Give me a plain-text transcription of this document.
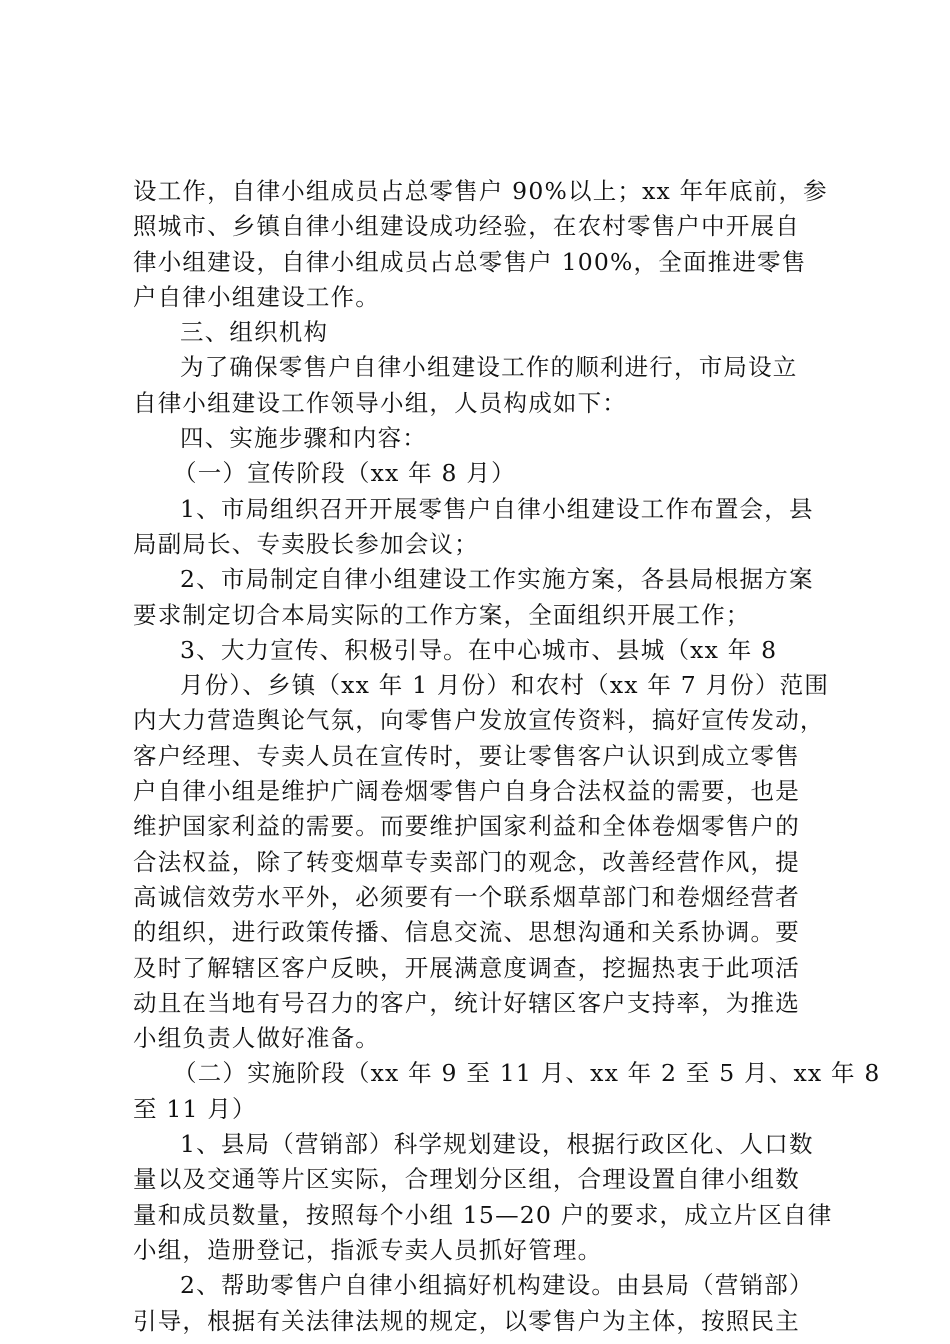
设工作，自律小组成员占总零售户 90%以上；xx 年年底前，参
照城市、乡镇自律小组建设成功经验，在农村零售户中开展自
律小组建设，自律小组成员占总零售户 100%，全面推进零售
户自律小组建设工作。
三、组织机构
为了确保零售户自律小组建设工作的顺利进行，市局设立
自律小组建设工作领导小组，人员构成如下：
四、实施步骤和内容：
（一）宣传阶段（xx 年 8 月）
1、市局组织召开开展零售户自律小组建设工作布置会，县
局副局长、专卖股长参加会议；
2、市局制定自律小组建设工作实施方案，各县局根据方案
要求制定切合本局实际的工作方案，全面组织开展工作；
3、大力宣传、积极引导。在中心城市、县城（xx 年 8
月份）、乡镇（xx 年 1 月份）和农村（xx 年 7 月份）范围
内大力营造舆论气氛，向零售户发放宣传资料，搞好宣传发动，
客户经理、专卖人员在宣传时，要让零售客户认识到成立零售
户自律小组是维护广阔卷烟零售户自身合法权益的需要，也是
维护国家利益的需要。而要维护国家利益和全体卷烟零售户的
合法权益，除了转变烟草专卖部门的观念，改善经营作风，提
高诚信效劳水平外，必须要有一个联系烟草部门和卷烟经营者
的组织，进行政策传播、信息交流、思想沟通和关系协调。要
及时了解辖区客户反映，开展满意度调查，挖掘热衷于此项活
动且在当地有号召力的客户，统计好辖区客户支持率，为推选
小组负责人做好准备。
（二）实施阶段（xx 年 9 至 11 月、xx 年 2 至 5 月、xx 年 8
至 11 月）
1、县局（营销部）科学规划建设，根据行政区化、人口数
量以及交通等片区实际，合理划分区组，合理设置自律小组数
量和成员数量，按照每个小组 15—20 户的要求，成立片区自律
小组，造册登记，指派专卖人员抓好管理。
2、帮助零售户自律小组搞好机构建设。由县局（营销部）
引导，根据有关法律法规的规定，以零售户为主体，按照民主
